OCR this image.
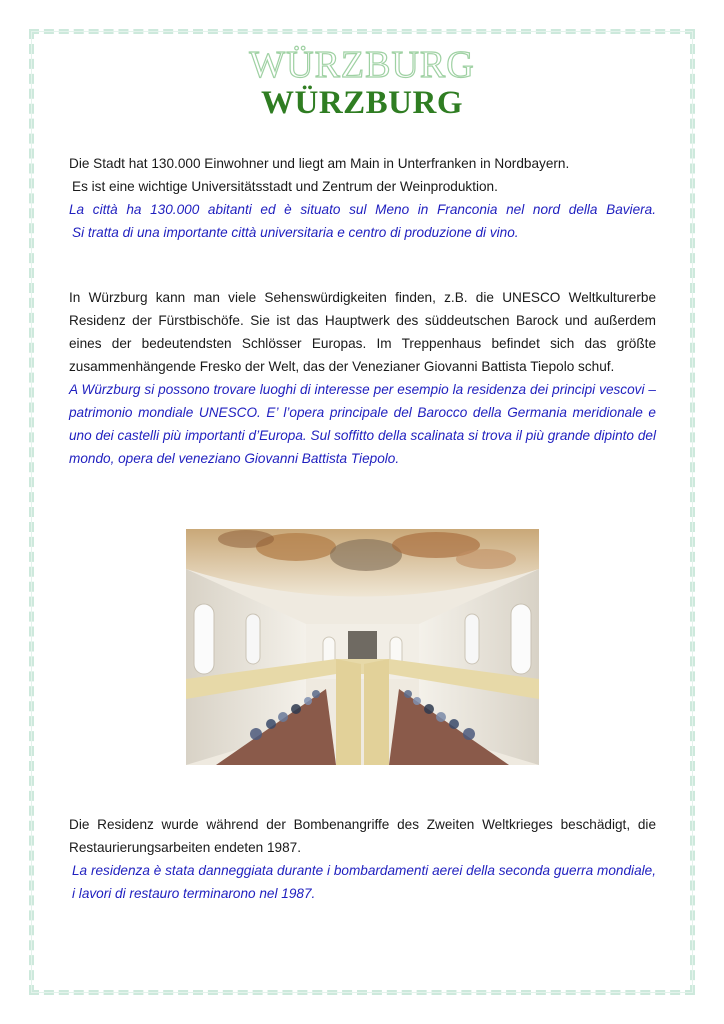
WÜRZBURG
WÜRZBURG

Die Stadt hat 130.000 Einwohner und liegt am Main in Unterfranken in Nordbayern.

Es ist eine wichtige Universitätsstadt und Zentrum der Weinproduktion.

La città ha 130.000 abitanti ed è situato sul Meno in Franconia nel nord della Baviera.

Si tratta di una importante città universitaria e centro di produzione di vino.

In Würzburg kann man viele Sehenswürdigkeiten finden, z.B. die UNESCO Weltkulturerbe Residenz der Fürstbischöfe. Sie ist das Hauptwerk des süddeutschen Barock und außerdem eines der bedeutendsten Schlösser Europas. Im Treppenhaus befindet sich das größte zusammenhängende Fresko der Welt, das der Venezianer Giovanni Battista Tiepolo schuf.

A Würzburg si possono trovare luoghi di interesse per esempio la residenza dei principi vescovi – patrimonio mondiale UNESCO. E’ l’opera principale del Barocco della Germania meridionale e uno dei castelli più importanti d’Europa. Sul soffitto della scalinata si trova il più grande dipinto del mondo, opera del veneziano Giovanni Battista Tiepolo.

Die Residenz wurde während der Bombenangriffe des Zweiten Weltkrieges beschädigt, die Restaurierungsarbeiten endeten 1987.

La residenza è stata danneggiata durante i bombardamenti aerei della seconda guerra mondiale, i lavori di restauro terminarono nel 1987.
